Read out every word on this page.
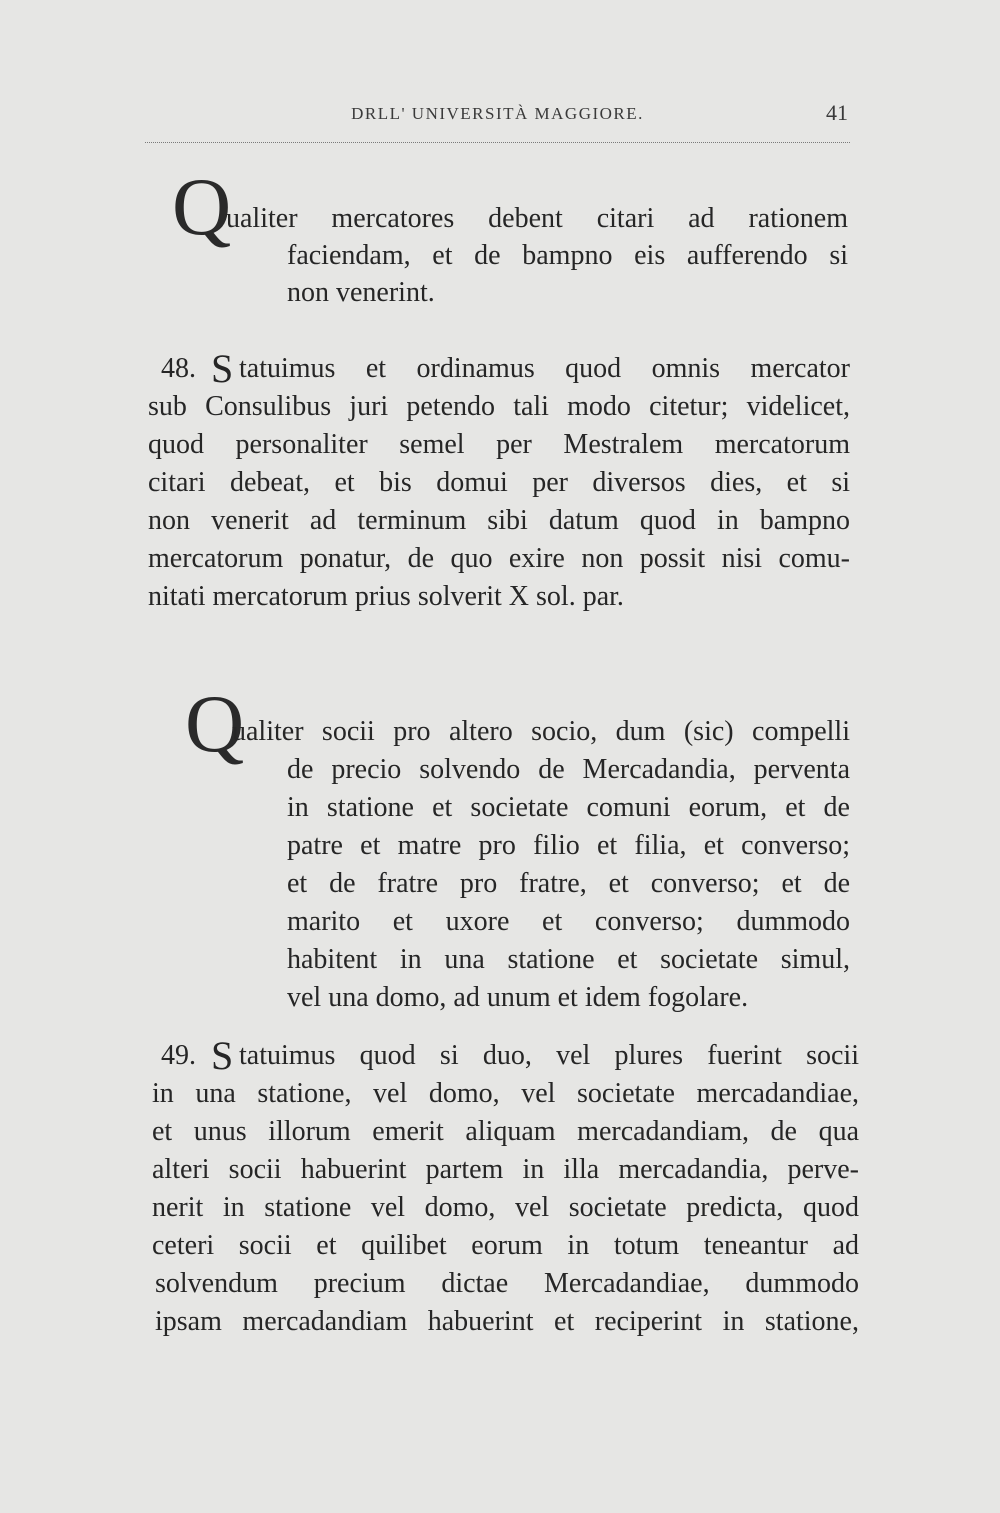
DRLL' UNIVERSITÀ MAGGIORE.	41
Q
ualiter mercatores debent citari ad rationem
faciendam, et de bampno eis aufferendo si
non venerint.
48. S tatuimus et ordinamus quod omnis mercator
sub Consulibus juri petendo tali modo citetur; videlicet,
quod personaliter semel per Mestralem mercatorum
citari debeat, et bis domui per diversos dies, et si
non venerit ad terminum sibi datum quod in bampno
mercatorum ponatur, de quo exire non possit nisi comu-
nitati mercatorum prius solverit X sol. par.
Q
ualiter socii pro altero socio, dum (sic) compelli
de precio solvendo de Mercadandia, perventa
in statione et societate comuni eorum, et de
patre et matre pro filio et filia, et converso;
et de fratre pro fratre, et converso; et de
marito et uxore et converso; dummodo
habitent in una statione et societate simul,
vel una domo, ad unum et idem fogolare.
49. S tatuimus quod si duo, vel plures fuerint socii
in una statione, vel domo, vel societate mercadandiae,
et unus illorum emerit aliquam mercadandiam, de qua
alteri socii habuerint partem in illa mercadandia, perve-
nerit in statione vel domo, vel societate predicta, quod
ceteri socii et quilibet eorum in totum teneantur ad
solvendum precium dictae Mercadandiae, dummodo
ipsam mercadandiam habuerint et reciperint in statione,
